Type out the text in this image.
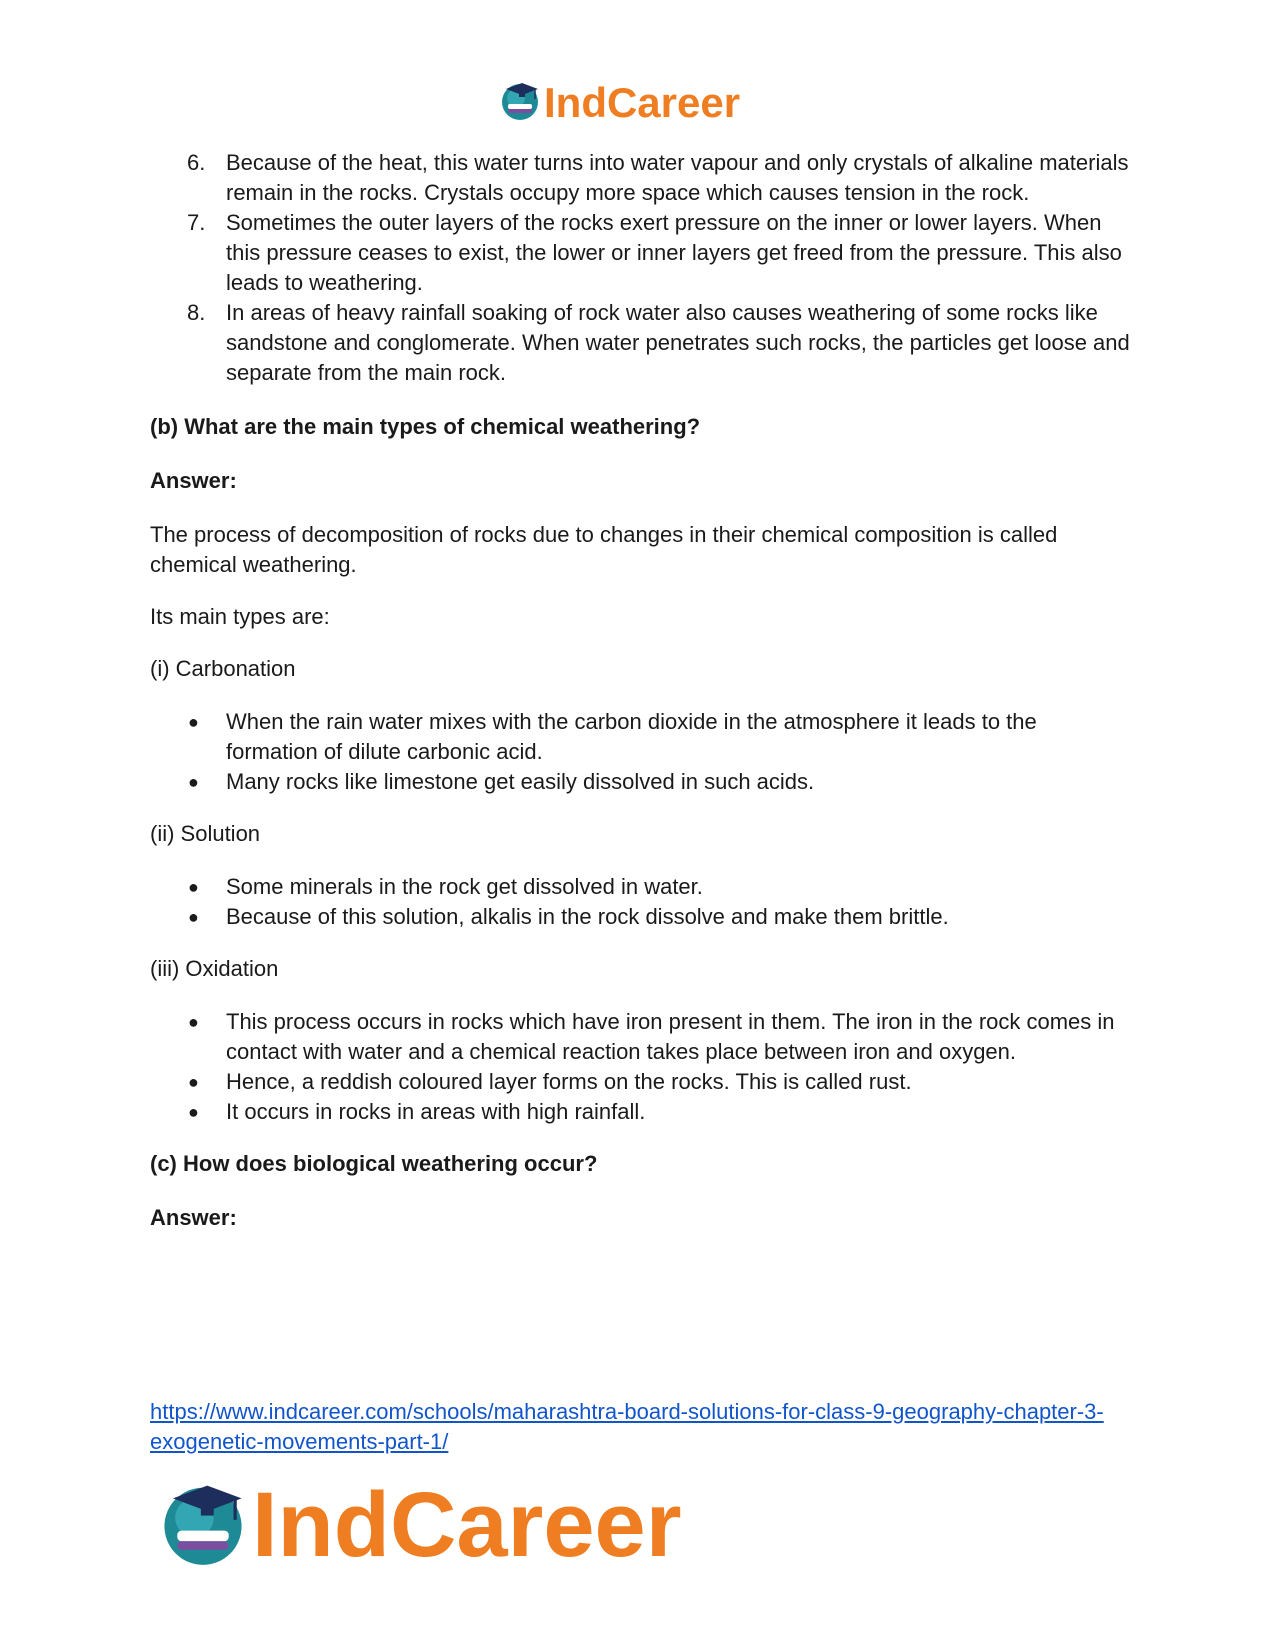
IndCareer
6. Because of the heat, this water turns into water vapour and only crystals of alkaline materials remain in the rocks. Crystals occupy more space which causes tension in the rock.
7. Sometimes the outer layers of the rocks exert pressure on the inner or lower layers. When this pressure ceases to exist, the lower or inner layers get freed from the pressure. This also leads to weathering.
8. In areas of heavy rainfall soaking of rock water also causes weathering of some rocks like sandstone and conglomerate. When water penetrates such rocks, the particles get loose and separate from the main rock.
(b) What are the main types of chemical weathering?
Answer:
The process of decomposition of rocks due to changes in their chemical composition is called chemical weathering.
Its main types are:
(i) Carbonation
● When the rain water mixes with the carbon dioxide in the atmosphere it leads to the formation of dilute carbonic acid.
● Many rocks like limestone get easily dissolved in such acids.
(ii) Solution
● Some minerals in the rock get dissolved in water.
● Because of this solution, alkalis in the rock dissolve and make them brittle.
(iii) Oxidation
● This process occurs in rocks which have iron present in them. The iron in the rock comes in contact with water and a chemical reaction takes place between iron and oxygen.
● Hence, a reddish coloured layer forms on the rocks. This is called rust.
● It occurs in rocks in areas with high rainfall.
(c) How does biological weathering occur?
Answer:
https://www.indcareer.com/schools/maharashtra-board-solutions-for-class-9-geography-chapter-3-exogenetic-movements-part-1/
IndCareer
